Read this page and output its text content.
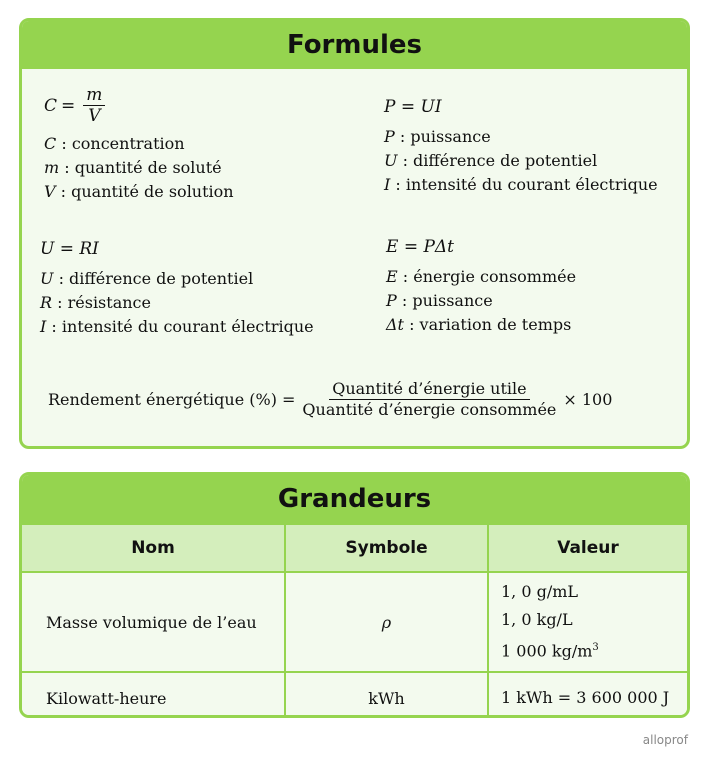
Formules
$C = \frac{m}{V}$
C : concentration
m : quantité de soluté
V : quantité de solution
P = UI
P : puissance
U : différence de potentiel
I : intensité du courant électrique
U = RI
U : différence de potentiel
R : résistance
I : intensité du courant électrique
E = PΔt
E : énergie consommée
P : puissance
Δt : variation de temps
Rendement énergétique (%) = $\frac{\text{Quantité d’énergie utile}}{\text{Quantité d’énergie consommée}} \times 100$
Grandeurs
Nom	Symbole	Valeur
Masse volumique de l’eau	ρ	1, 0 g/mL
1, 0 kg/L
1 000 $kg/m^3$

Kilowatt-heure	kWh	1 kWh = 3 600 000 J
alloprof
